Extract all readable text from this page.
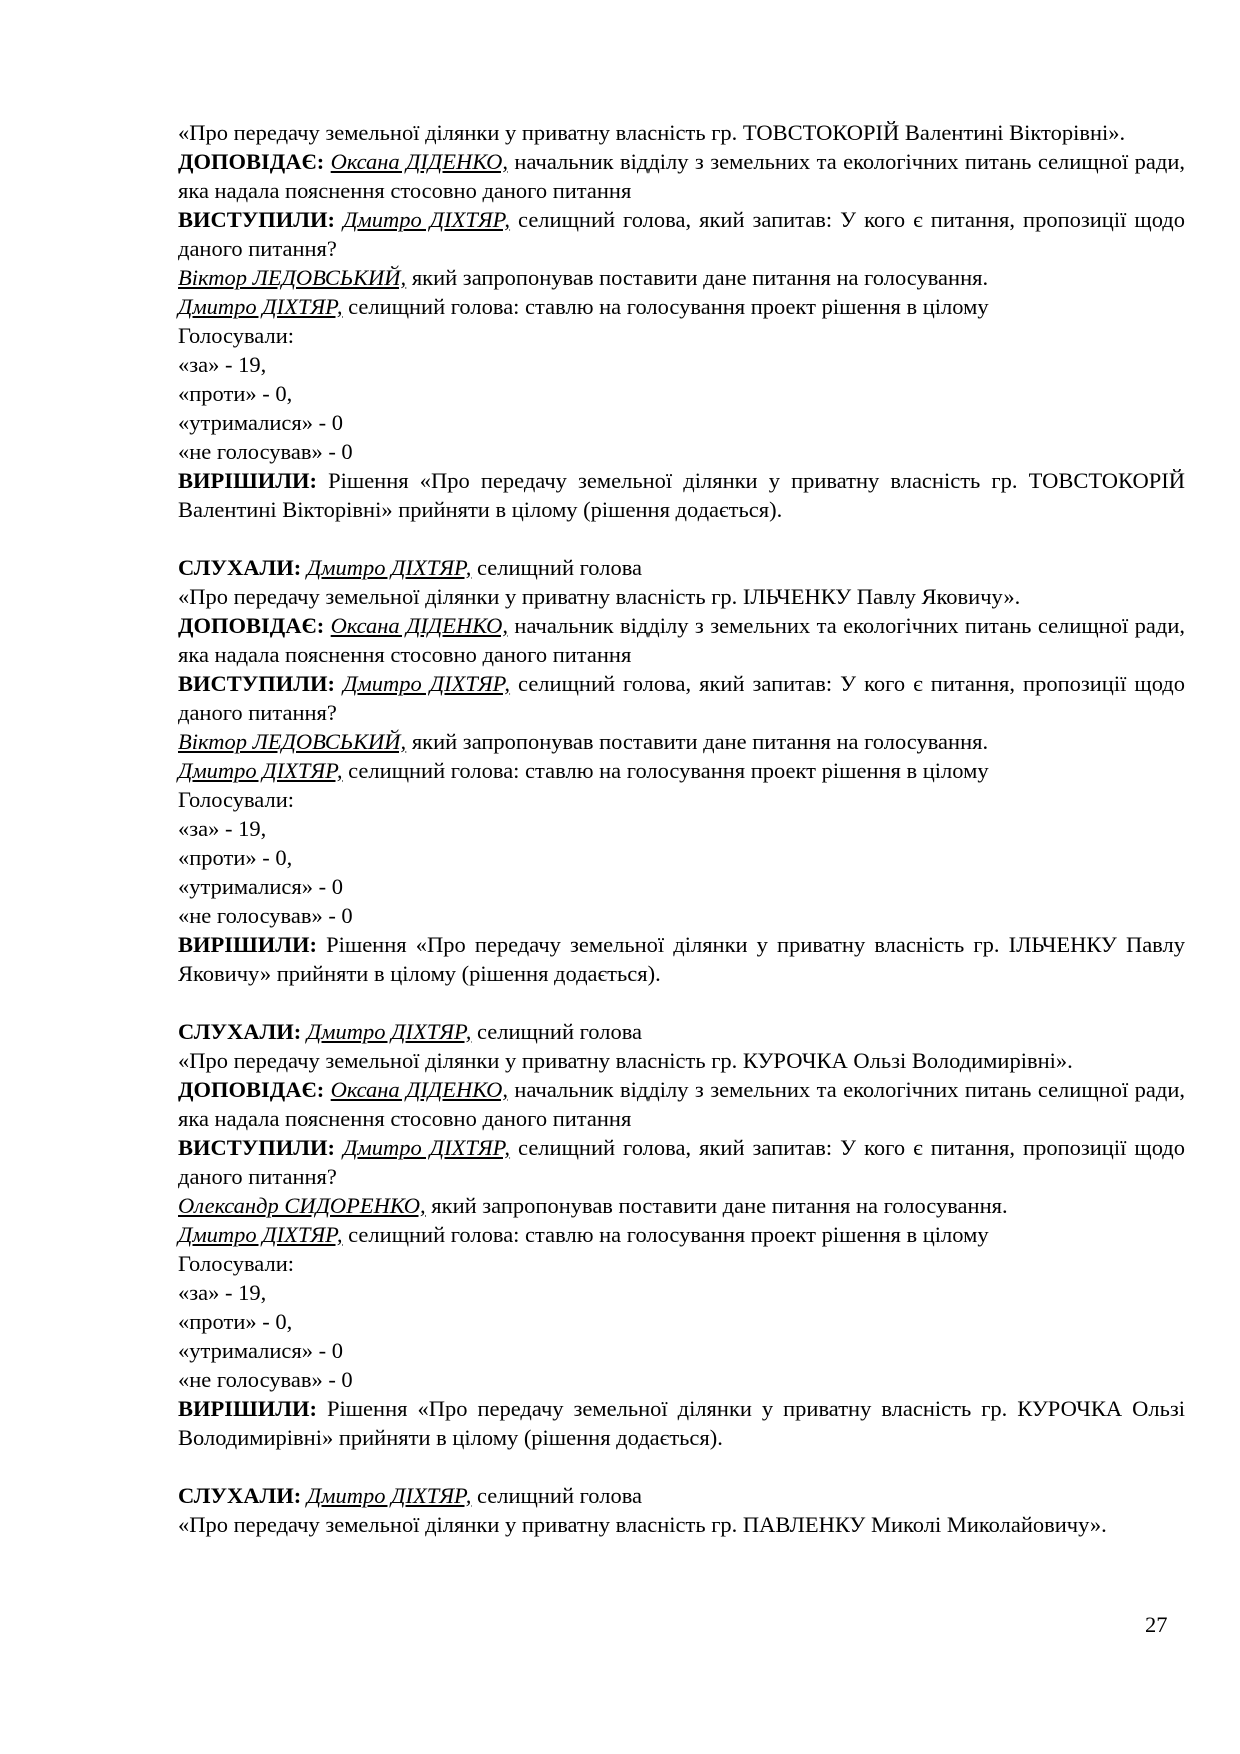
«Про передачу земельної ділянки у приватну власність гр. ТОВСТОКОРІЙ Валентині Вікторівні».

ДОПОВІДАЄ: Оксана ДІДЕНКО, начальник відділу з земельних та екологічних питань селищної ради, яка надала пояснення стосовно даного питання

ВИСТУПИЛИ: Дмитро ДІХТЯР, селищний голова, який запитав: У кого є питання, пропозиції щодо даного питання?

Віктор ЛЕДОВСЬКИЙ, який запропонував поставити дане питання на голосування.

Дмитро ДІХТЯР, селищний голова: ставлю на голосування проект рішення в цілому

Голосували:

«за» - 19,

«проти» - 0,

«утрималися» - 0

«не голосував» - 0

ВИРІШИЛИ: Рішення «Про передачу земельної ділянки у приватну власність гр. ТОВСТОКОРІЙ Валентині Вікторівні» прийняти в цілому (рішення додається).

СЛУХАЛИ: Дмитро ДІХТЯР, селищний голова

«Про передачу земельної ділянки у приватну власність гр. ІЛЬЧЕНКУ Павлу Яковичу».

ДОПОВІДАЄ: Оксана ДІДЕНКО, начальник відділу з земельних та екологічних питань селищної ради, яка надала пояснення стосовно даного питання

ВИСТУПИЛИ: Дмитро ДІХТЯР, селищний голова, який запитав: У кого є питання, пропозиції щодо даного питання?

Віктор ЛЕДОВСЬКИЙ, який запропонував поставити дане питання на голосування.

Дмитро ДІХТЯР, селищний голова: ставлю на голосування проект рішення в цілому

Голосували:

«за» - 19,

«проти» - 0,

«утрималися» - 0

«не голосував» - 0

ВИРІШИЛИ: Рішення «Про передачу земельної ділянки у приватну власність гр. ІЛЬЧЕНКУ Павлу Яковичу» прийняти в цілому (рішення додається).

СЛУХАЛИ: Дмитро ДІХТЯР, селищний голова

«Про передачу земельної ділянки у приватну власність гр. КУРОЧКА Ользі Володимирівні».

ДОПОВІДАЄ: Оксана ДІДЕНКО, начальник відділу з земельних та екологічних питань селищної ради, яка надала пояснення стосовно даного питання

ВИСТУПИЛИ: Дмитро ДІХТЯР, селищний голова, який запитав: У кого є питання, пропозиції щодо даного питання?

Олександр СИДОРЕНКО, який запропонував поставити дане питання на голосування.

Дмитро ДІХТЯР, селищний голова: ставлю на голосування проект рішення в цілому

Голосували:

«за» - 19,

«проти» - 0,

«утрималися» - 0

«не голосував» - 0

ВИРІШИЛИ: Рішення «Про передачу земельної ділянки у приватну власність гр. КУРОЧКА Ользі Володимирівні» прийняти в цілому (рішення додається).

СЛУХАЛИ: Дмитро ДІХТЯР, селищний голова

«Про передачу земельної ділянки у приватну власність гр. ПАВЛЕНКУ Миколі Миколайовичу».

27
